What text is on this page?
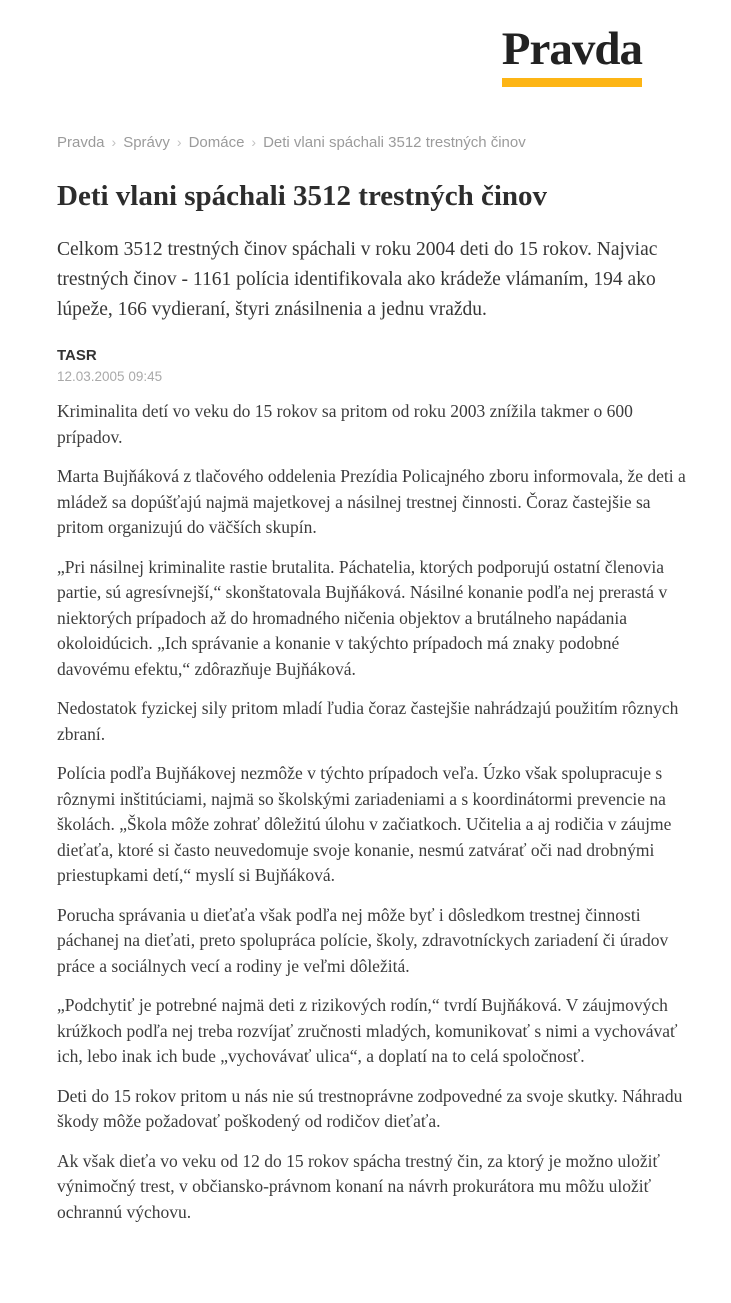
Pravda
Pravda › Správy › Domáce › Deti vlani spáchali 3512 trestných činov
Deti vlani spáchali 3512 trestných činov

Celkom 3512 trestných činov spáchali v roku 2004 deti do 15 rokov. Najviac trestných činov - 1161 polícia identifikovala ako krádeže vlámaním, 194 ako lúpeže, 166 vydieraní, štyri znásilnenia a jednu vraždu.

TASR
12.03.2005 09:45

Kriminalita detí vo veku do 15 rokov sa pritom od roku 2003 znížila takmer o 600 prípadov.

Marta Bujňáková z tlačového oddelenia Prezídia Policajného zboru informovala, že deti a mládež sa dopúšťajú najmä majetkovej a násilnej trestnej činnosti. Čoraz častejšie sa pritom organizujú do väčších skupín.

„Pri násilnej kriminalite rastie brutalita. Páchatelia, ktorých podporujú ostatní členovia partie, sú agresívnejší,“ skonštatovala Bujňáková. Násilné konanie podľa nej prerastá v niektorých prípadoch až do hromadného ničenia objektov a brutálneho napádania okoloidúcich. „Ich správanie a konanie v takýchto prípadoch má znaky podobné davovému efektu,“ zdôrazňuje Bujňáková.

Nedostatok fyzickej sily pritom mladí ľudia čoraz častejšie nahrádzajú použitím rôznych zbraní.

Polícia podľa Bujňákovej nezmôže v týchto prípadoch veľa. Úzko však spolupracuje s rôznymi inštitúciami, najmä so školskými zariadeniami a s koordinátormi prevencie na školách. „Škola môže zohrať dôležitú úlohu v začiatkoch. Učitelia a aj rodičia v záujme dieťaťa, ktoré si často neuvedomuje svoje konanie, nesmú zatvárať oči nad drobnými priestupkami detí,“ myslí si Bujňáková.

Porucha správania u dieťaťa však podľa nej môže byť i dôsledkom trestnej činnosti páchanej na dieťati, preto spolupráca polície, školy, zdravotníckych zariadení či úradov práce a sociálnych vecí a rodiny je veľmi dôležitá.

„Podchytiť je potrebné najmä deti z rizikových rodín,“ tvrdí Bujňáková. V záujmových krúžkoch podľa nej treba rozvíjať zručnosti mladých, komunikovať s nimi a vychovávať ich, lebo inak ich bude „vychovávať ulica“, a doplatí na to celá spoločnosť.

Deti do 15 rokov pritom u nás nie sú trestnoprávne zodpovedné za svoje skutky. Náhradu škody môže požadovať poškodený od rodičov dieťaťa.

Ak však dieťa vo veku od 12 do 15 rokov spácha trestný čin, za ktorý je možno uložiť výnimočný trest, v občiansko-právnom konaní na návrh prokurátora mu môžu uložiť ochrannú výchovu.
